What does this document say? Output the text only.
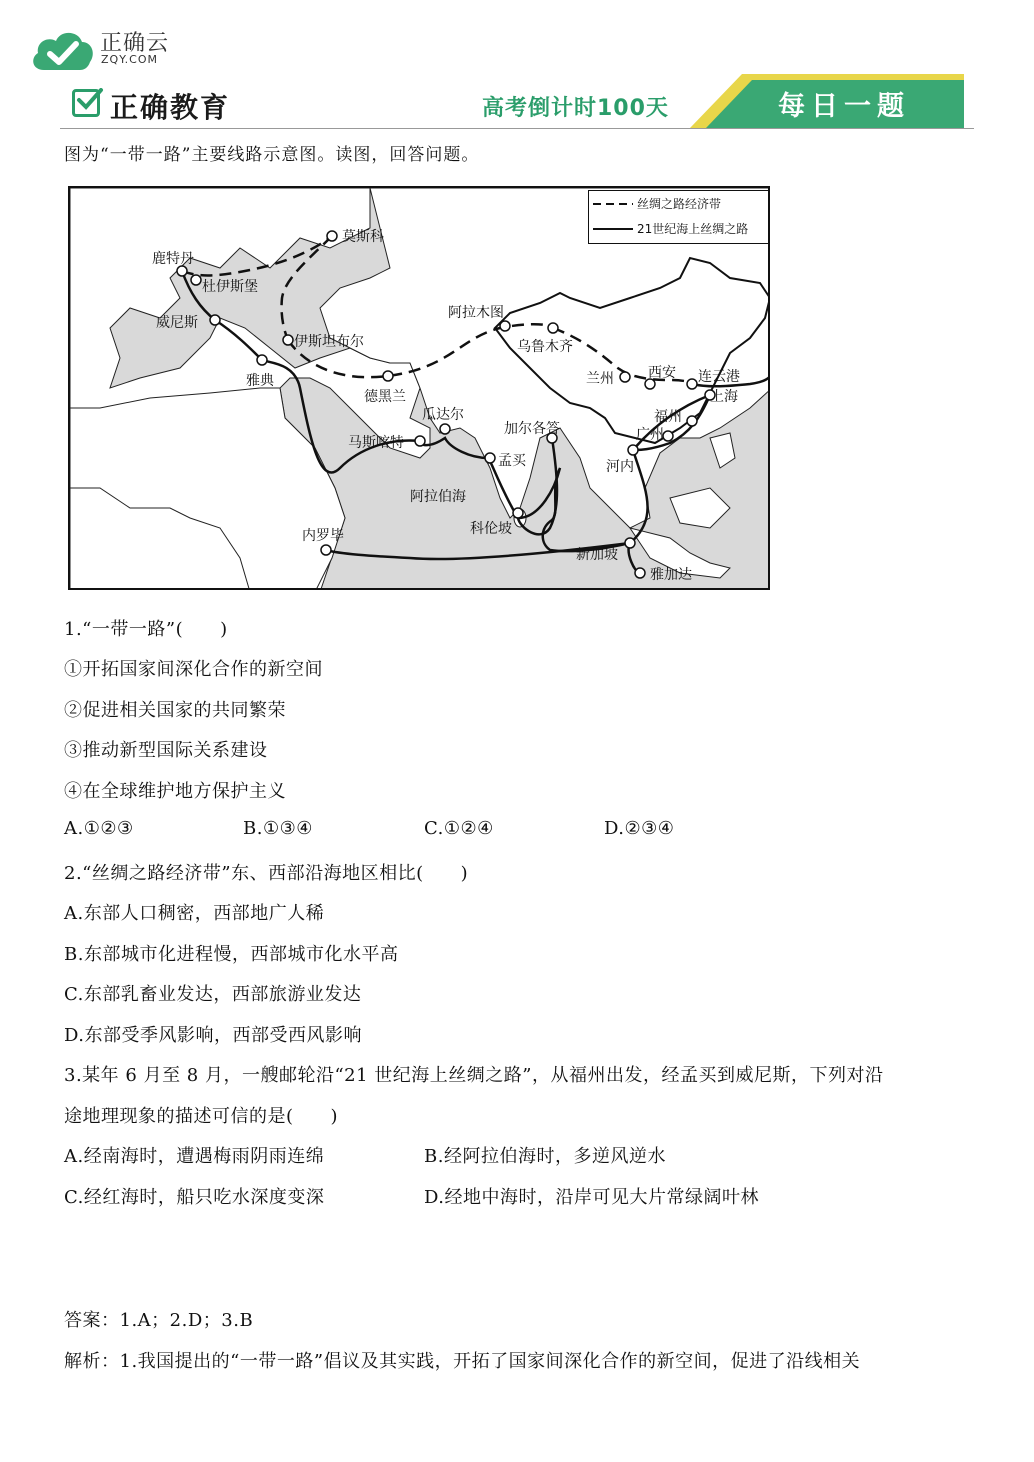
正确云
ZQY.COM
正确教育	高考倒计时100天	每日一题
图为“一带一路”主要线路示意图。读图，回答问题。
丝绸之路经济带
21世纪海上丝绸之路
莫斯科
鹿特丹
杜伊斯堡
威尼斯
伊斯坦布尔
雅典
德黑兰
阿拉木图
乌鲁木齐
兰州 西安 连云港
上海
福州
广州
河内
加尔各答
孟买
瓜达尔
马斯喀特
阿拉伯海
科伦坡
内罗毕
新加坡
雅加达
1.“一带一路”(　　)
①开拓国家间深化合作的新空间
②促进相关国家的共同繁荣
③推动新型国际关系建设
④在全球维护地方保护主义
A.①②③	B.①③④	C.①②④	D.②③④
2.“丝绸之路经济带”东、西部沿海地区相比(　　)
A.东部人口稠密，西部地广人稀
B.东部城市化进程慢，西部城市化水平高
C.东部乳畜业发达，西部旅游业发达
D.东部受季风影响，西部受西风影响
3.某年 6 月至 8 月，一艘邮轮沿“21 世纪海上丝绸之路”，从福州出发，经孟买到威尼斯，下列对沿
途地理现象的描述可信的是(　　)
A.经南海时，遭遇梅雨阴雨连绵	B.经阿拉伯海时，多逆风逆水
C.经红海时，船只吃水深度变深	D.经地中海时，沿岸可见大片常绿阔叶林
答案：1.A；2.D；3.B
解析：1.我国提出的“一带一路”倡议及其实践，开拓了国家间深化合作的新空间，促进了沿线相关
